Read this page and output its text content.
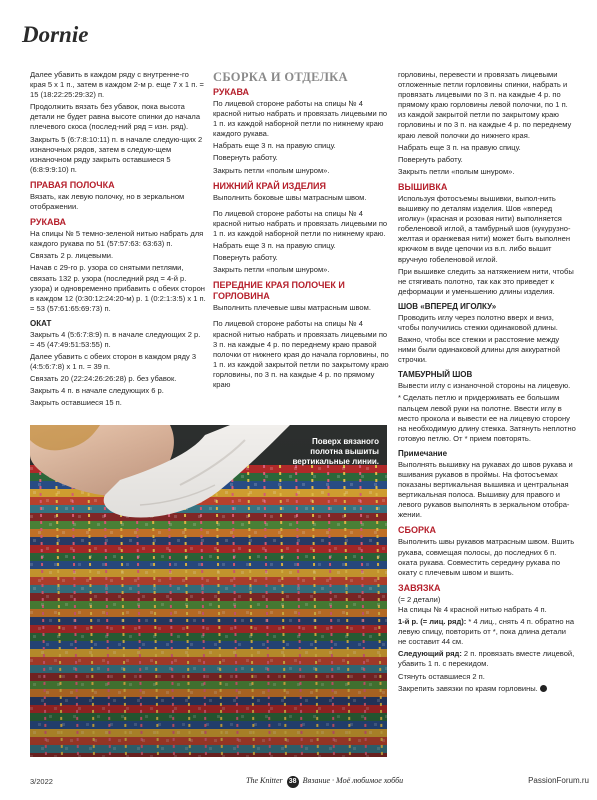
Dornie

Далее убавить в каждом ряду с внутренне-го края 5 х 1 п., затем в каждом 2-м р. еще 7 х 1 п. = 15 (18:22:25:29:32) п.

Продолжить вязать без убавок, пока высота детали не будет равна высоте спинки до начала плечевого скоса (послед-ний ряд = изн. ряд).

Закрыть 5 (6:7:8:10:11) п. в начале следую-щих 2 изнаночных рядов, затем в следую-щем изнаночном ряду закрыть оставшиеся 5 (6:8:9:9:10) п.

ПРАВАЯ ПОЛОЧКА

Вязать, как левую полочку, но в зеркальном отображении.

РУКАВА

На спицы № 5 темно-зеленой нитью набрать для каждого рукава по 51 (57:57:63: 63:63) п.

Связать 2 р. лицевыми.

Начав с 29-го р. узора со снятыми петлями, связать 132 р. узора (последний ряд = 4-й р. узора) и одновременно прибавить с обеих сторон в каждом 12 (0:30:12:24:20-м) р. 1 (0:2:1:3:5) х 1 п. = 53 (57:61:65:69:73) п.

ОКАТ

Закрыть 4 (5:6:7:8:9) п. в начале следующих 2 р. = 45 (47:49:51:53:55) п.

Далее убавить с обеих сторон в каждом ряду 3 (4:5:6:7:8) х 1 п. = 39 п.

Связать 20 (22:24:26:26:28) р. без убавок.

Закрыть 4 п. в начале следующих 6 р.

Закрыть оставшиеся 15 п.

СБОРКА И ОТДЕЛКА
РУКАВА

По лицевой стороне работы на спицы № 4 красной нитью набрать и провязать лицевыми по 1 п. из каждой наборной петли по нижнему краю каждого рукава.

Набрать еще 3 п. на правую спицу.

Повернуть работу.

Закрыть петли «полым шнуром».

НИЖНИЙ КРАЙ ИЗДЕЛИЯ

Выполнить боковые швы матрасным швом.

По лицевой стороне работы на спицы № 4 красной нитью набрать и провязать лицевыми по 1 п. из каждой наборной петли по нижнему краю.

Набрать еще 3 п. на правую спицу.

Повернуть работу.

Закрыть петли «полым шнуром».

ПЕРЕДНИЕ КРАЯ ПОЛОЧЕК И ГОРЛОВИНА

Выполнить плечевые швы матрасным швом.

По лицевой стороне работы на спицы № 4 красной нитью набрать и провязать лицевыми по 3 п. на каждые 4 р. по переднему краю правой полочки от нижнего края до начала горловины, по 1 п. из каждой закрытой петли по закрытому краю горловины, по 3 п. на каждые 4 р. по прямому краю

горловины, перевести и провязать лицевыми отложенные петли горловины спинки, набрать и провязать лицевыми по 3 п. на каждые 4 р. по прямому краю горловины левой полочки, по 1 п. из каждой закрытой петли по закрытому краю горловины и по 3 п. на каждые 4 р. по переднему краю левой полочки до нижнего края.

Набрать еще 3 п. на правую спицу.

Повернуть работу.

Закрыть петли «полым шнуром».

ВЫШИВКА

Используя фотосъемы вышивки, выпол-нить вышивку по деталям изделия. Шов «вперед иголку» (красная и розовая нити) выполняется гобеленовой иглой, а тамбурный шов (кукурузно-желтая и оранжевая нити) может быть выполнен крючком в виде цепочки из в.п. либо вышит вручную гобеленовой иглой.

При вышивке следить за натяжением нити, чтобы не стягивать полотно, так как это приведет к деформации и уменьшению длины изделия.

ШОВ «ВПЕРЕД ИГОЛКУ»

Проводить иглу через полотно вверх и вниз, чтобы получились стежки одинаковой длины.

Важно, чтобы все стежки и расстояние между ними были одинаковой длины для аккуратной строчки.

ТАМБУРНЫЙ ШОВ

Вывести иглу с изнаночной стороны на лицевую.

* Сделать петлю и придерживать ее большим пальцем левой руки на полотне. Ввести иглу в место прокола и вывести ее на лицевую сторону на необходимую длину стежка. Затянуть неплотно готовую петлю. От * прием повторять.

Примечание

Выполнять вышивку на рукавах до швов рукава и вшивания рукавов в проймы. На фотосъемах показаны вертикальная вышивка и центральная вертикальная полоса. Вышивку для правого и левого рукавов выполнять в зеркальном отобра-жении.

СБОРКА

Выполнить швы рукавов матрасным швом. Вшить рукава, совмещая полосы, до последних 6 п. оката рукава. Совместить середину рукава по окату с плечевым швом и вшить.

ЗАВЯЗКА

(= 2 детали)

На спицы № 4 красной нитью набрать 4 п.

1-й р. (= лиц. ряд): * 4 лиц., снять 4 п. обратно на левую спицу, повторить от *, пока длина детали не составит 44 см.

Следующий ряд: 2 п. провязать вместе лицевой, убавить 1 п. с перекидом.

Стянуть оставшиеся 2 п.

Закрепить завязки по краям горловины.

Поверх вязаного полотна вышиты вертикальные линии.
3/2022	The Knitter 38 Вязание · Моё любимое хобби	PassionForum.ru
